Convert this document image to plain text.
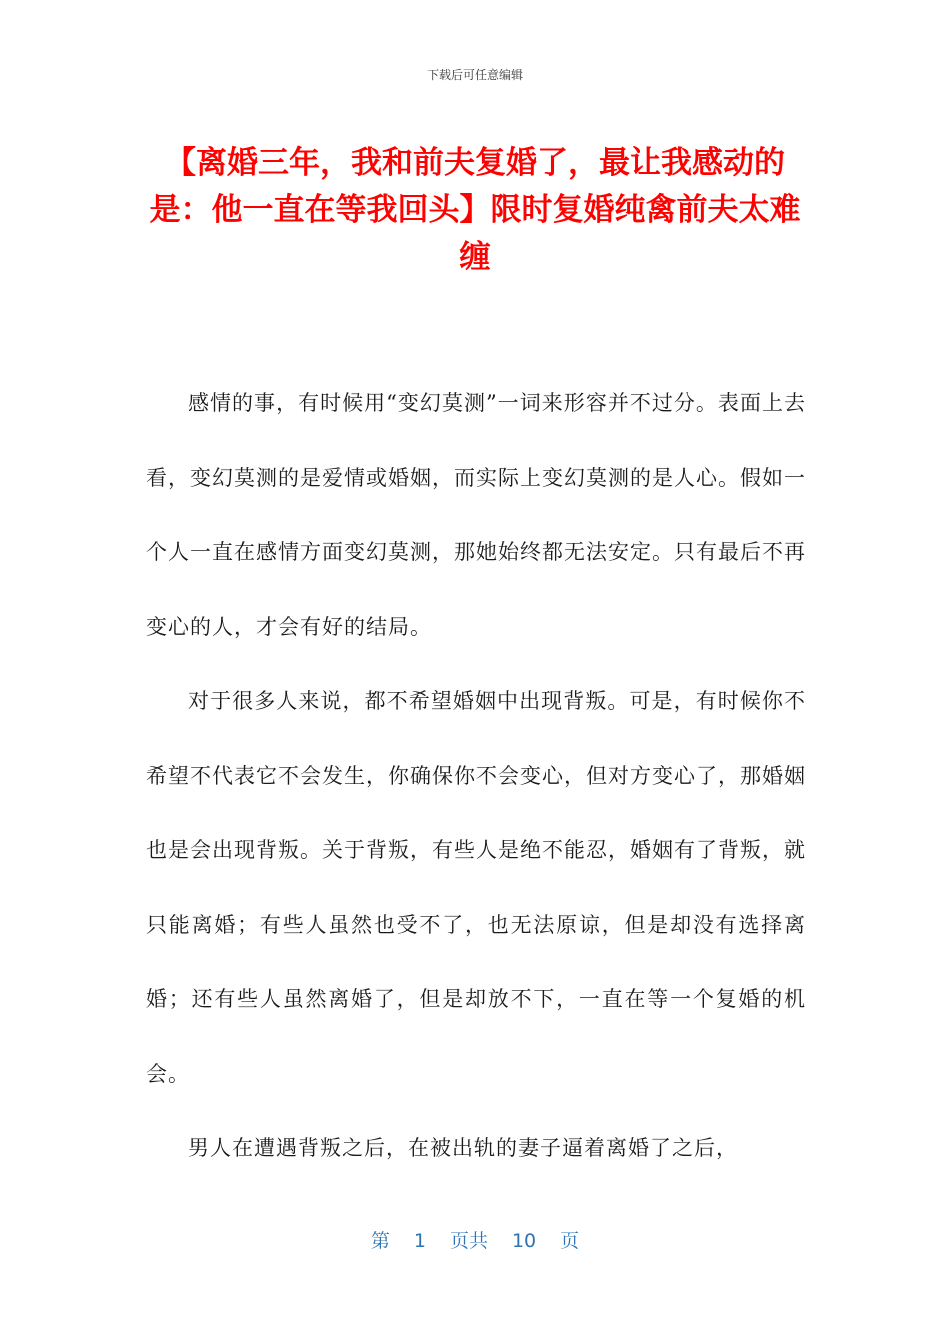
下载后可任意编辑
【离婚三年，我和前夫复婚了，最让我感动的是：他一直在等我回头】限时复婚纯禽前夫太难缠

感情的事，有时候用“变幻莫测”一词来形容并不过分。表面上去看，变幻莫测的是爱情或婚姻，而实际上变幻莫测的是人心。假如一个人一直在感情方面变幻莫测，那她始终都无法安定。只有最后不再变心的人，才会有好的结局。

对于很多人来说，都不希望婚姻中出现背叛。可是，有时候你不希望不代表它不会发生，你确保你不会变心，但对方变心了，那婚姻也是会出现背叛。关于背叛，有些人是绝不能忍，婚姻有了背叛，就只能离婚；有些人虽然也受不了，也无法原谅，但是却没有选择离婚；还有些人虽然离婚了，但是却放不下，一直在等一个复婚的机会。

男人在遭遇背叛之后，在被出轨的妻子逼着离婚了之后，

第 1 页共 10 页
